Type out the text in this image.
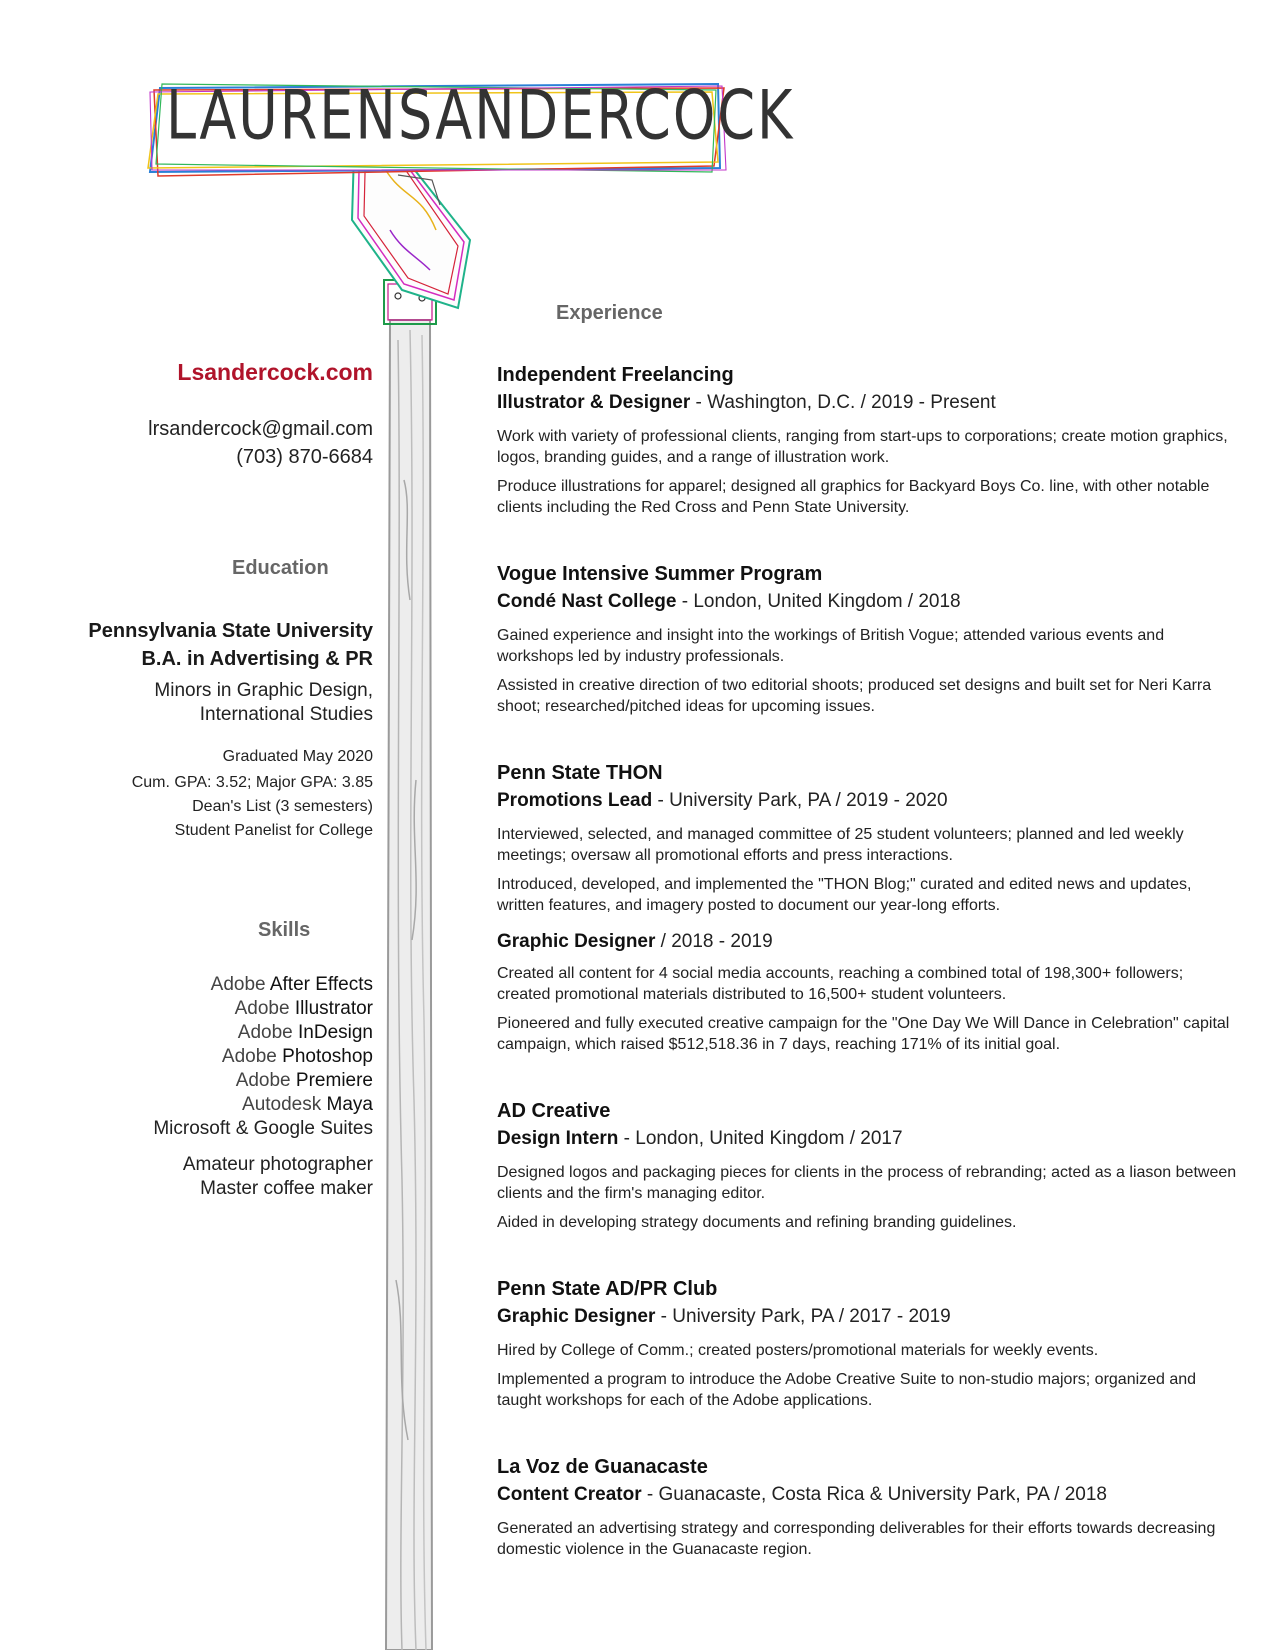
LAUREN SANDERCOCK
Lsandercock.com
lrsandercock@gmail.com
(703) 870-6684
Education
Pennsylvania State University
B.A. in Advertising & PR
Minors in Graphic Design,
International Studies
Graduated May 2020
Cum. GPA: 3.52; Major GPA: 3.85
Dean's List (3 semesters)
Student Panelist for College
Skills
Adobe After Effects
Adobe Illustrator
Adobe InDesign
Adobe Photoshop
Adobe Premiere
Autodesk Maya
Microsoft & Google Suites
Amateur photographer
Master coffee maker
Experience
Independent Freelancing
Illustrator & Designer - Washington, D.C. / 2019 - Present

Work with variety of professional clients, ranging from start-ups to corporations; create motion graphics, logos, branding guides, and a range of illustration work.

Produce illustrations for apparel; designed all graphics for Backyard Boys Co. line, with other notable clients including the Red Cross and Penn State University.

Vogue Intensive Summer Program
Condé Nast College - London, United Kingdom / 2018

Gained experience and insight into the workings of British Vogue; attended various events and workshops led by industry professionals.

Assisted in creative direction of two editorial shoots; produced set designs and built set for Neri Karra shoot; researched/pitched ideas for upcoming issues.

Penn State THON
Promotions Lead - University Park, PA / 2019 - 2020

Interviewed, selected, and managed committee of 25 student volunteers; planned and led weekly meetings; oversaw all promotional efforts and press interactions.

Introduced, developed, and implemented the "THON Blog;" curated and edited news and updates, written features, and imagery posted to document our year-long efforts.

Graphic Designer / 2018 - 2019

Created all content for 4 social media accounts, reaching a combined total of 198,300+ followers; created promotional materials distributed to 16,500+ student volunteers.

Pioneered and fully executed creative campaign for the "One Day We Will Dance in Celebration" capital campaign, which raised $512,518.36 in 7 days, reaching 171% of its initial goal.

AD Creative
Design Intern - London, United Kingdom / 2017

Designed logos and packaging pieces for clients in the process of rebranding; acted as a liason between clients and the firm's managing editor.

Aided in developing strategy documents and refining branding guidelines.

Penn State AD/PR Club
Graphic Designer - University Park, PA / 2017 - 2019

Hired by College of Comm.; created posters/promotional materials for weekly events.

Implemented a program to introduce the Adobe Creative Suite to non-studio majors; organized and taught workshops for each of the Adobe applications.

La Voz de Guanacaste
Content Creator - Guanacaste, Costa Rica & University Park, PA / 2018

Generated an advertising strategy and corresponding deliverables for their efforts towards decreasing domestic violence in the Guanacaste region.
